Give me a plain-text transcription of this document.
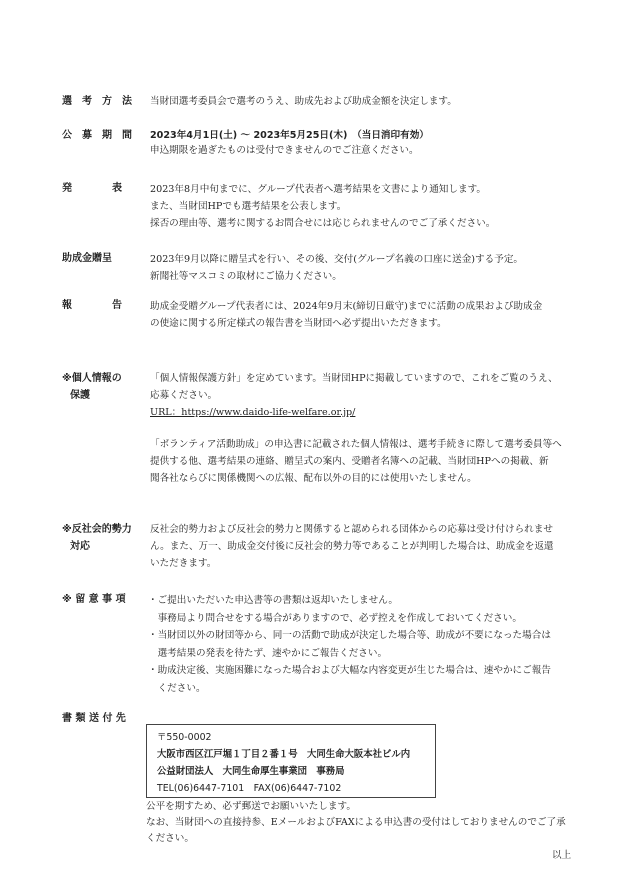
選　考　方　法 当財団選考委員会で選考のうえ、助成先および助成金額を決定します。
公　募　期　間 2023年4月1日(土) ～ 2023年5月25日(木)　（当日消印有効）
申込期限を過ぎたものは受付できませんのでご注意ください。
発　　　　表	2023年8月中旬までに、グループ代表者へ選考結果を文書により通知します。
また、当財団HPでも選考結果を公表します。
採否の理由等、選考に関するお問合せには応じられませんのでご了承ください。
助成金贈呈	2023年9月以降に贈呈式を行い、その後、交付(グループ名義の口座に送金)する予定。
新聞社等マスコミの取材にご協力ください。
報　　　　告	助成金受贈グループ代表者には、2024年9月末(締切日厳守)までに活動の成果および助成金
の使途に関する所定様式の報告書を当財団へ必ず提出いただきます。
※個人情報の
保護
「個人情報保護方針」を定めています。当財団HPに掲載していますので、これをご覧のうえ、
応募ください。
URL：https://www.daido-life-welfare.or.jp/
「ボランティア活動助成」の申込書に記載された個人情報は、選考手続きに際して選考委員等へ
提供する他、選考結果の連絡、贈呈式の案内、受贈者名簿への記載、当財団HPへの掲載、新
聞各社ならびに関係機関への広報、配布以外の目的には使用いたしません。
※反社会的勢力
対応
反社会的勢力および反社会的勢力と関係すると認められる団体からの応募は受け付けられませ
ん。また、万一、助成金交付後に反社会的勢力等であることが判明した場合は、助成金を返還
いただきます。
※ 留 意 事 項 ・ご提出いただいた申込書等の書類は返却いたしません。
　事務局より問合せをする場合がありますので、必ず控えを作成しておいてください。
・当財団以外の財団等から、同一の活動で助成が決定した場合等、助成が不要になった場合は
　選考結果の発表を待たず、速やかにご報告ください。
・助成決定後、実施困難になった場合および大幅な内容変更が生じた場合は、速やかにご報告
　ください。
書 類 送 付 先
〒550-0002
大阪市西区江戸堀１丁目２番１号　大同生命大阪本社ビル内
公益財団法人　大同生命厚生事業団　事務局
TEL(06)6447-7101　FAX(06)6447-7102
公平を期すため、必ず郵送でお願いいたします。
なお、当財団への直接持参、EメールおよびFAXによる申込書の受付はしておりませんのでご了承
ください。
以上
